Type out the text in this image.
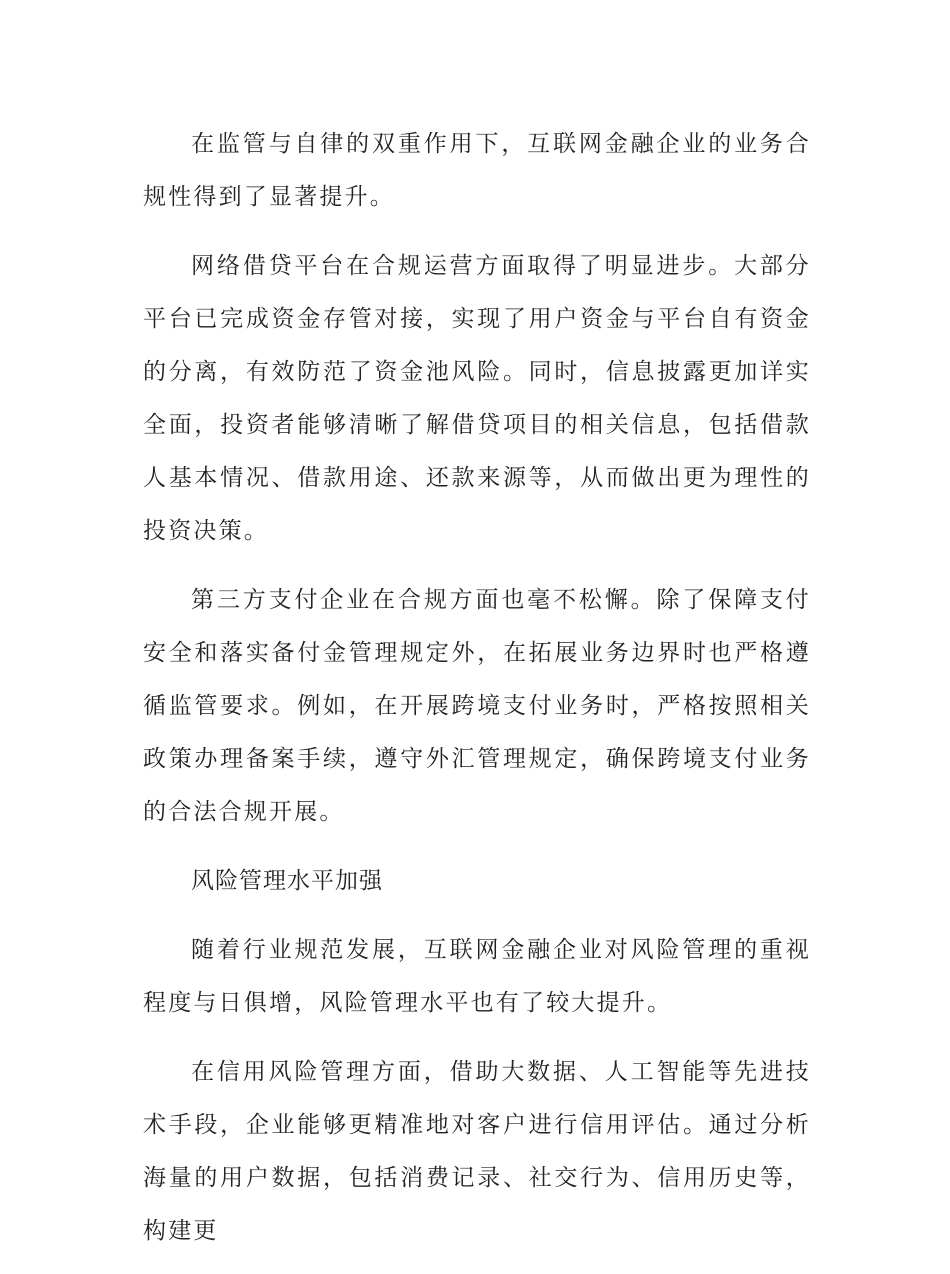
在监管与自律的双重作用下，互联网金融企业的业务合规性得到了显著提升。

网络借贷平台在合规运营方面取得了明显进步。大部分平台已完成资金存管对接，实现了用户资金与平台自有资金的分离，有效防范了资金池风险。同时，信息披露更加详实全面，投资者能够清晰了解借贷项目的相关信息，包括借款人基本情况、借款用途、还款来源等，从而做出更为理性的投资决策。

第三方支付企业在合规方面也毫不松懈。除了保障支付安全和落实备付金管理规定外，在拓展业务边界时也严格遵循监管要求。例如，在开展跨境支付业务时，严格按照相关政策办理备案手续，遵守外汇管理规定，确保跨境支付业务的合法合规开展。

风险管理水平加强

随着行业规范发展，互联网金融企业对风险管理的重视程度与日俱增，风险管理水平也有了较大提升。

在信用风险管理方面，借助大数据、人工智能等先进技术手段，企业能够更精准地对客户进行信用评估。通过分析海量的用户数据，包括消费记录、社交行为、信用历史等，构建更
